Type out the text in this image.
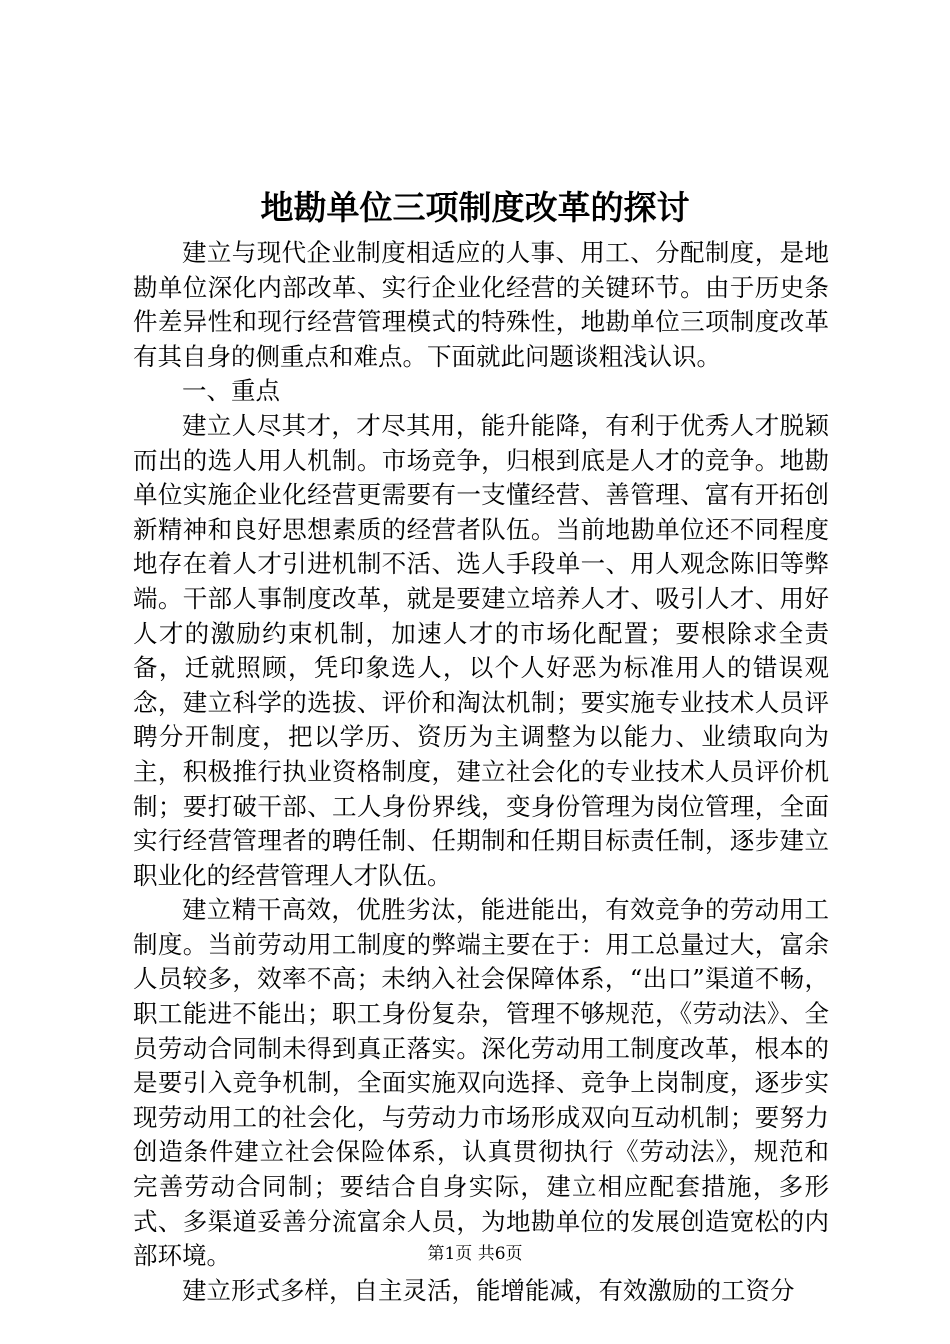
地勘单位三项制度改革的探讨

建立与现代企业制度相适应的人事、用工、分配制度，是地勘单位深化内部改革、实行企业化经营的关键环节。由于历史条件差异性和现行经营管理模式的特殊性，地勘单位三项制度改革有其自身的侧重点和难点。下面就此问题谈粗浅认识。

一、重点

建立人尽其才，才尽其用，能升能降，有利于优秀人才脱颖而出的选人用人机制。市场竞争，归根到底是人才的竞争。地勘单位实施企业化经营更需要有一支懂经营、善管理、富有开拓创新精神和良好思想素质的经营者队伍。当前地勘单位还不同程度地存在着人才引进机制不活、选人手段单一、用人观念陈旧等弊端。干部人事制度改革，就是要建立培养人才、吸引人才、用好人才的激励约束机制，加速人才的市场化配置；要根除求全责备，迁就照顾，凭印象选人，以个人好恶为标准用人的错误观念，建立科学的选拔、评价和淘汰机制；要实施专业技术人员评聘分开制度，把以学历、资历为主调整为以能力、业绩取向为主，积极推行执业资格制度，建立社会化的专业技术人员评价机制；要打破干部、工人身份界线，变身份管理为岗位管理，全面实行经营管理者的聘任制、任期制和任期目标责任制，逐步建立职业化的经营管理人才队伍。

建立精干高效，优胜劣汰，能进能出，有效竞争的劳动用工制度。当前劳动用工制度的弊端主要在于：用工总量过大，富余人员较多，效率不高；未纳入社会保障体系，“出口”渠道不畅，职工能进不能出；职工身份复杂，管理不够规范，《劳动法》、全员劳动合同制未得到真正落实。深化劳动用工制度改革，根本的是要引入竞争机制，全面实施双向选择、竞争上岗制度，逐步实现劳动用工的社会化，与劳动力市场形成双向互动机制；要努力创造条件建立社会保险体系，认真贯彻执行《劳动法》，规范和完善劳动合同制；要结合自身实际，建立相应配套措施，多形式、多渠道妥善分流富余人员，为地勘单位的发展创造宽松的内部环境。

建立形式多样，自主灵活，能增能减，有效激励的工资分

第1页 共6页
